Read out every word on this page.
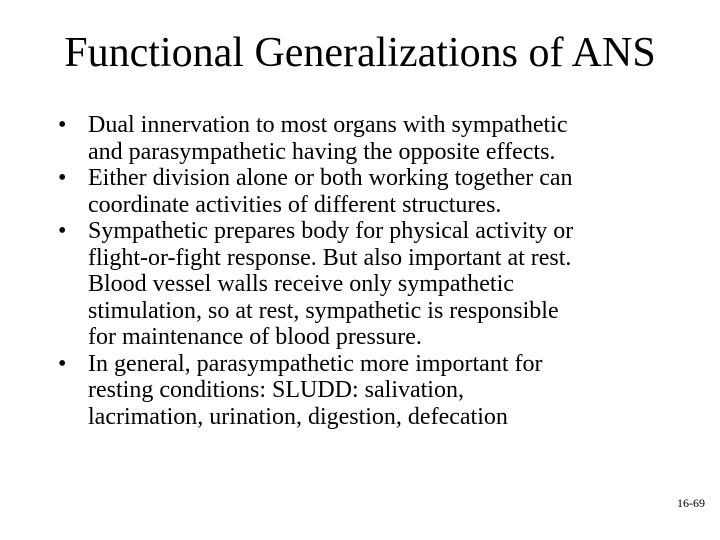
Functional Generalizations of ANS
• Dual innervation to most organs with sympathetic
and parasympathetic having the opposite effects.
• Either division alone or both working together can
coordinate activities of different structures.
• Sympathetic prepares body for physical activity or
flight-or-fight response. But also important at rest.
Blood vessel walls receive only sympathetic
stimulation, so at rest, sympathetic is responsible
for maintenance of blood pressure.
• In general, parasympathetic more important for
resting conditions: SLUDD: salivation,
lacrimation, urination, digestion, defecation
16-69
